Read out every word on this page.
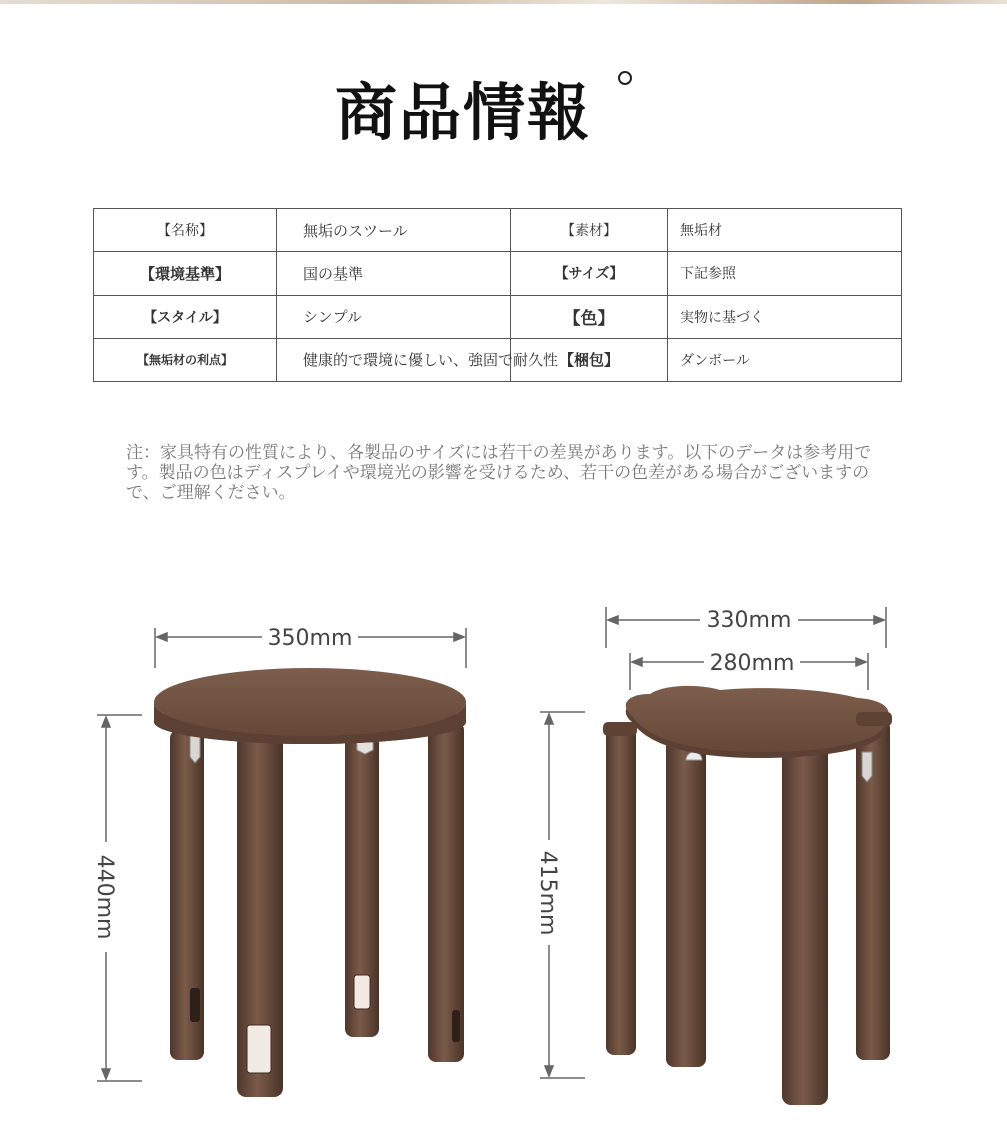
商品情報
【名称】	無垢のスツール	【素材】	無垢材
【環境基準】	国の基準	【サイズ】	下記参照
【スタイル】	シンプル	【色】	実物に基づく
【無垢材の利点】	健康的で環境に優しい、強固で耐久性	【梱包】	ダンボール
注：家具特有の性質により、各製品のサイズには若干の差異があります。以下のデータは参考用です。製品の色はディスプレイや環境光の影響を受けるため、若干の色差がある場合がございますので、ご理解ください。
350mm
330mm
280mm
440mm	415mm
